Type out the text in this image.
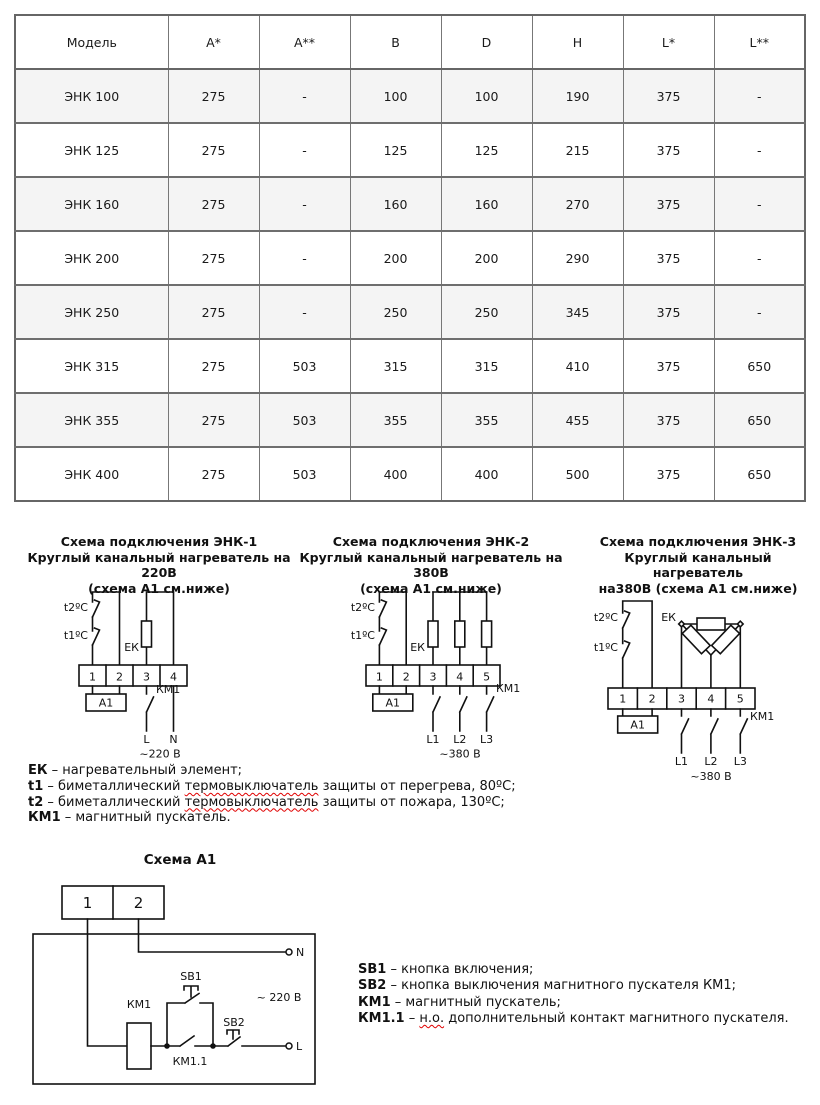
Модель	A*	A**	B	D	H	L*	L**
ЭНК 100	275	-	100	100	190	375	-
ЭНК 125	275	-	125	125	215	375	-
ЭНК 160	275	-	160	160	270	375	-
ЭНК 200	275	-	200	200	290	375	-
ЭНК 250	275	-	250	250	345	375	-
ЭНК 315	275	503	315	315	410	375	650
ЭНК 355	275	503	355	355	455	375	650
ЭНК 400	275	503	400	400	500	375	650
Схема подключения ЭНК-1
Круглый канальный нагреватель на 220В
(схема А1 см.ниже)
Схема подключения ЭНК-2
Круглый канальный нагреватель на 380В
(схема А1 см.ниже)
Схема подключения ЭНК-3
Круглый канальный нагреватель
на380В (схема А1 см.ниже)
t2ºС
t1ºС
ЕК
1 2 3 4
А1
КМ1
L N
~220 В
t2ºС
t1ºС
ЕК
1 2 3 4 5
А1
КМ1
L1 L2 L3
~380 В
t2ºС
t1ºС
ЕК
1 2 3 4 5
А1
КМ1
L1 L2 L3
~380 В
ЕК – нагревательный элемент;
t1 – биметаллический термовыключатель защиты от перегрева, 80ºС;
t2 – биметаллический термовыключатель защиты от пожара, 130ºС;
КМ1 – магнитный пускатель.
Схема А1
1	2
N
L
КМ1
КМ1.1
SB1
SB2
~ 220 В
SB1 – кнопка включения;
SB2 – кнопка выключения магнитного пускателя КМ1;
КМ1 – магнитный пускатель;
КМ1.1 – н.о. дополнительный контакт магнитного пускателя.
